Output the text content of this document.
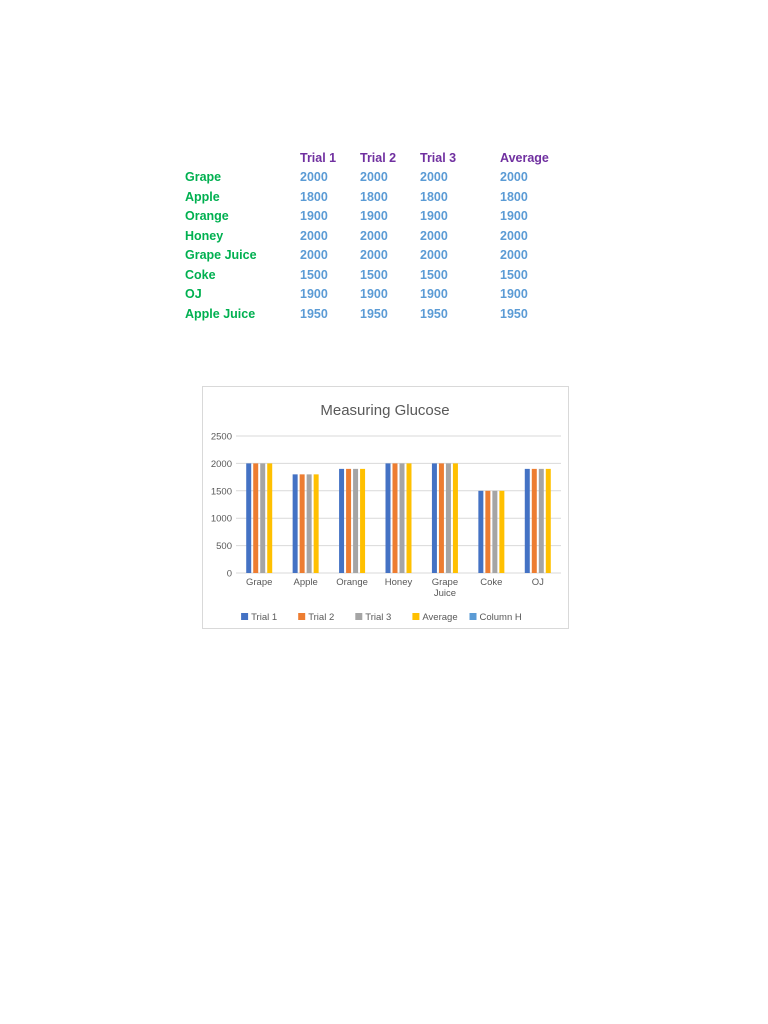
	Trial 1	Trial 2	Trial 3	Average
Grape	2000	2000	2000	2000
Apple	1800	1800	1800	1800
Orange	1900	1900	1900	1900
Honey	2000	2000	2000	2000
Grape Juice	2000	2000	2000	2000
Coke	1500	1500	1500	1500
OJ	1900	1900	1900	1900
Apple Juice	1950	1950	1950	1950
Measuring Glucose
0
500
1000
1500
2000
2500
Grape Apple Orange Honey Grape
Juice
Coke	OJ
Trial 1	Trial 2	Trial 3	Average Column H
